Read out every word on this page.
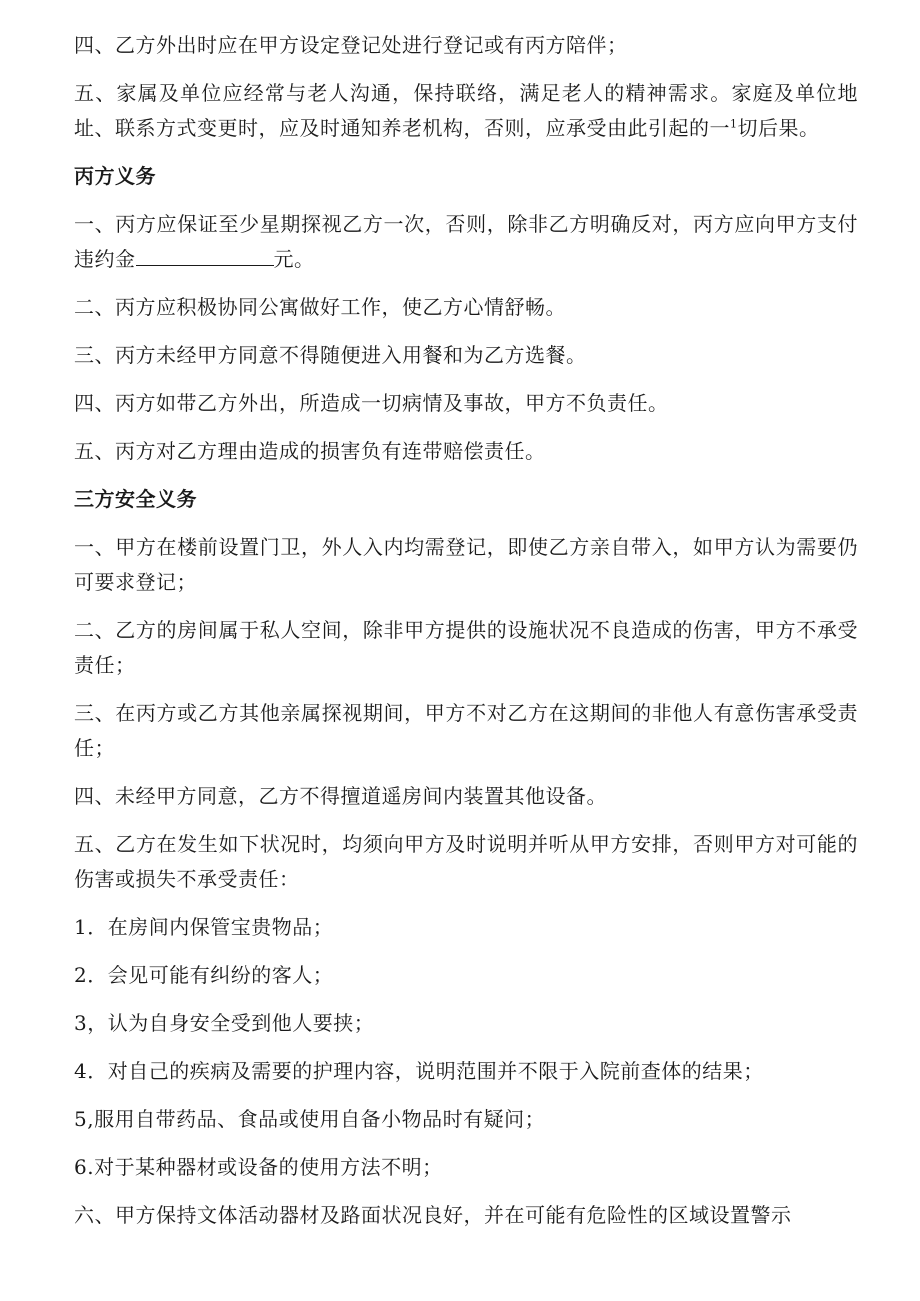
四、乙方外出时应在甲方设定登记处进行登记或有丙方陪伴；

五、家属及单位应经常与老人沟通，保持联络，满足老人的精神需求。家庭及单位地址、联系方式变更时，应及时通知养老机构，否则，应承受由此引起的一$^1$切后果。

丙方义务

一、丙方应保证至少星期探视乙方一次，否则，除非乙方明确反对，丙方应向甲方支付违约金	元。

二、丙方应积极协同公寓做好工作，使乙方心情舒畅。

三、丙方未经甲方同意不得随便进入用餐和为乙方选餐。

四、丙方如带乙方外出，所造成一切病情及事故，甲方不负责任。

五、丙方对乙方理由造成的损害负有连带赔偿责任。

三方安全义务

一、甲方在楼前设置门卫，外人入内均需登记，即使乙方亲自带入，如甲方认为需要仍可要求登记；

二、乙方的房间属于私人空间，除非甲方提供的设施状况不良造成的伤害，甲方不承受责任；

三、在丙方或乙方其他亲属探视期间，甲方不对乙方在这期间的非他人有意伤害承受责任；

四、未经甲方同意，乙方不得擅道遥房间内装置其他设备。

五、乙方在发生如下状况时，均须向甲方及时说明并听从甲方安排，否则甲方对可能的伤害或损失不承受责任：

1．在房间内保管宝贵物品；

2．会见可能有纠纷的客人；

3，认为自身安全受到他人要挟；

4．对自己的疾病及需要的护理内容，说明范围并不限于入院前查体的结果；

5,服用自带药品、食品或使用自备小物品时有疑问；

6.对于某种器材或设备的使用方法不明；

六、甲方保持文体活动器材及路面状况良好，并在可能有危险性的区域设置警示
